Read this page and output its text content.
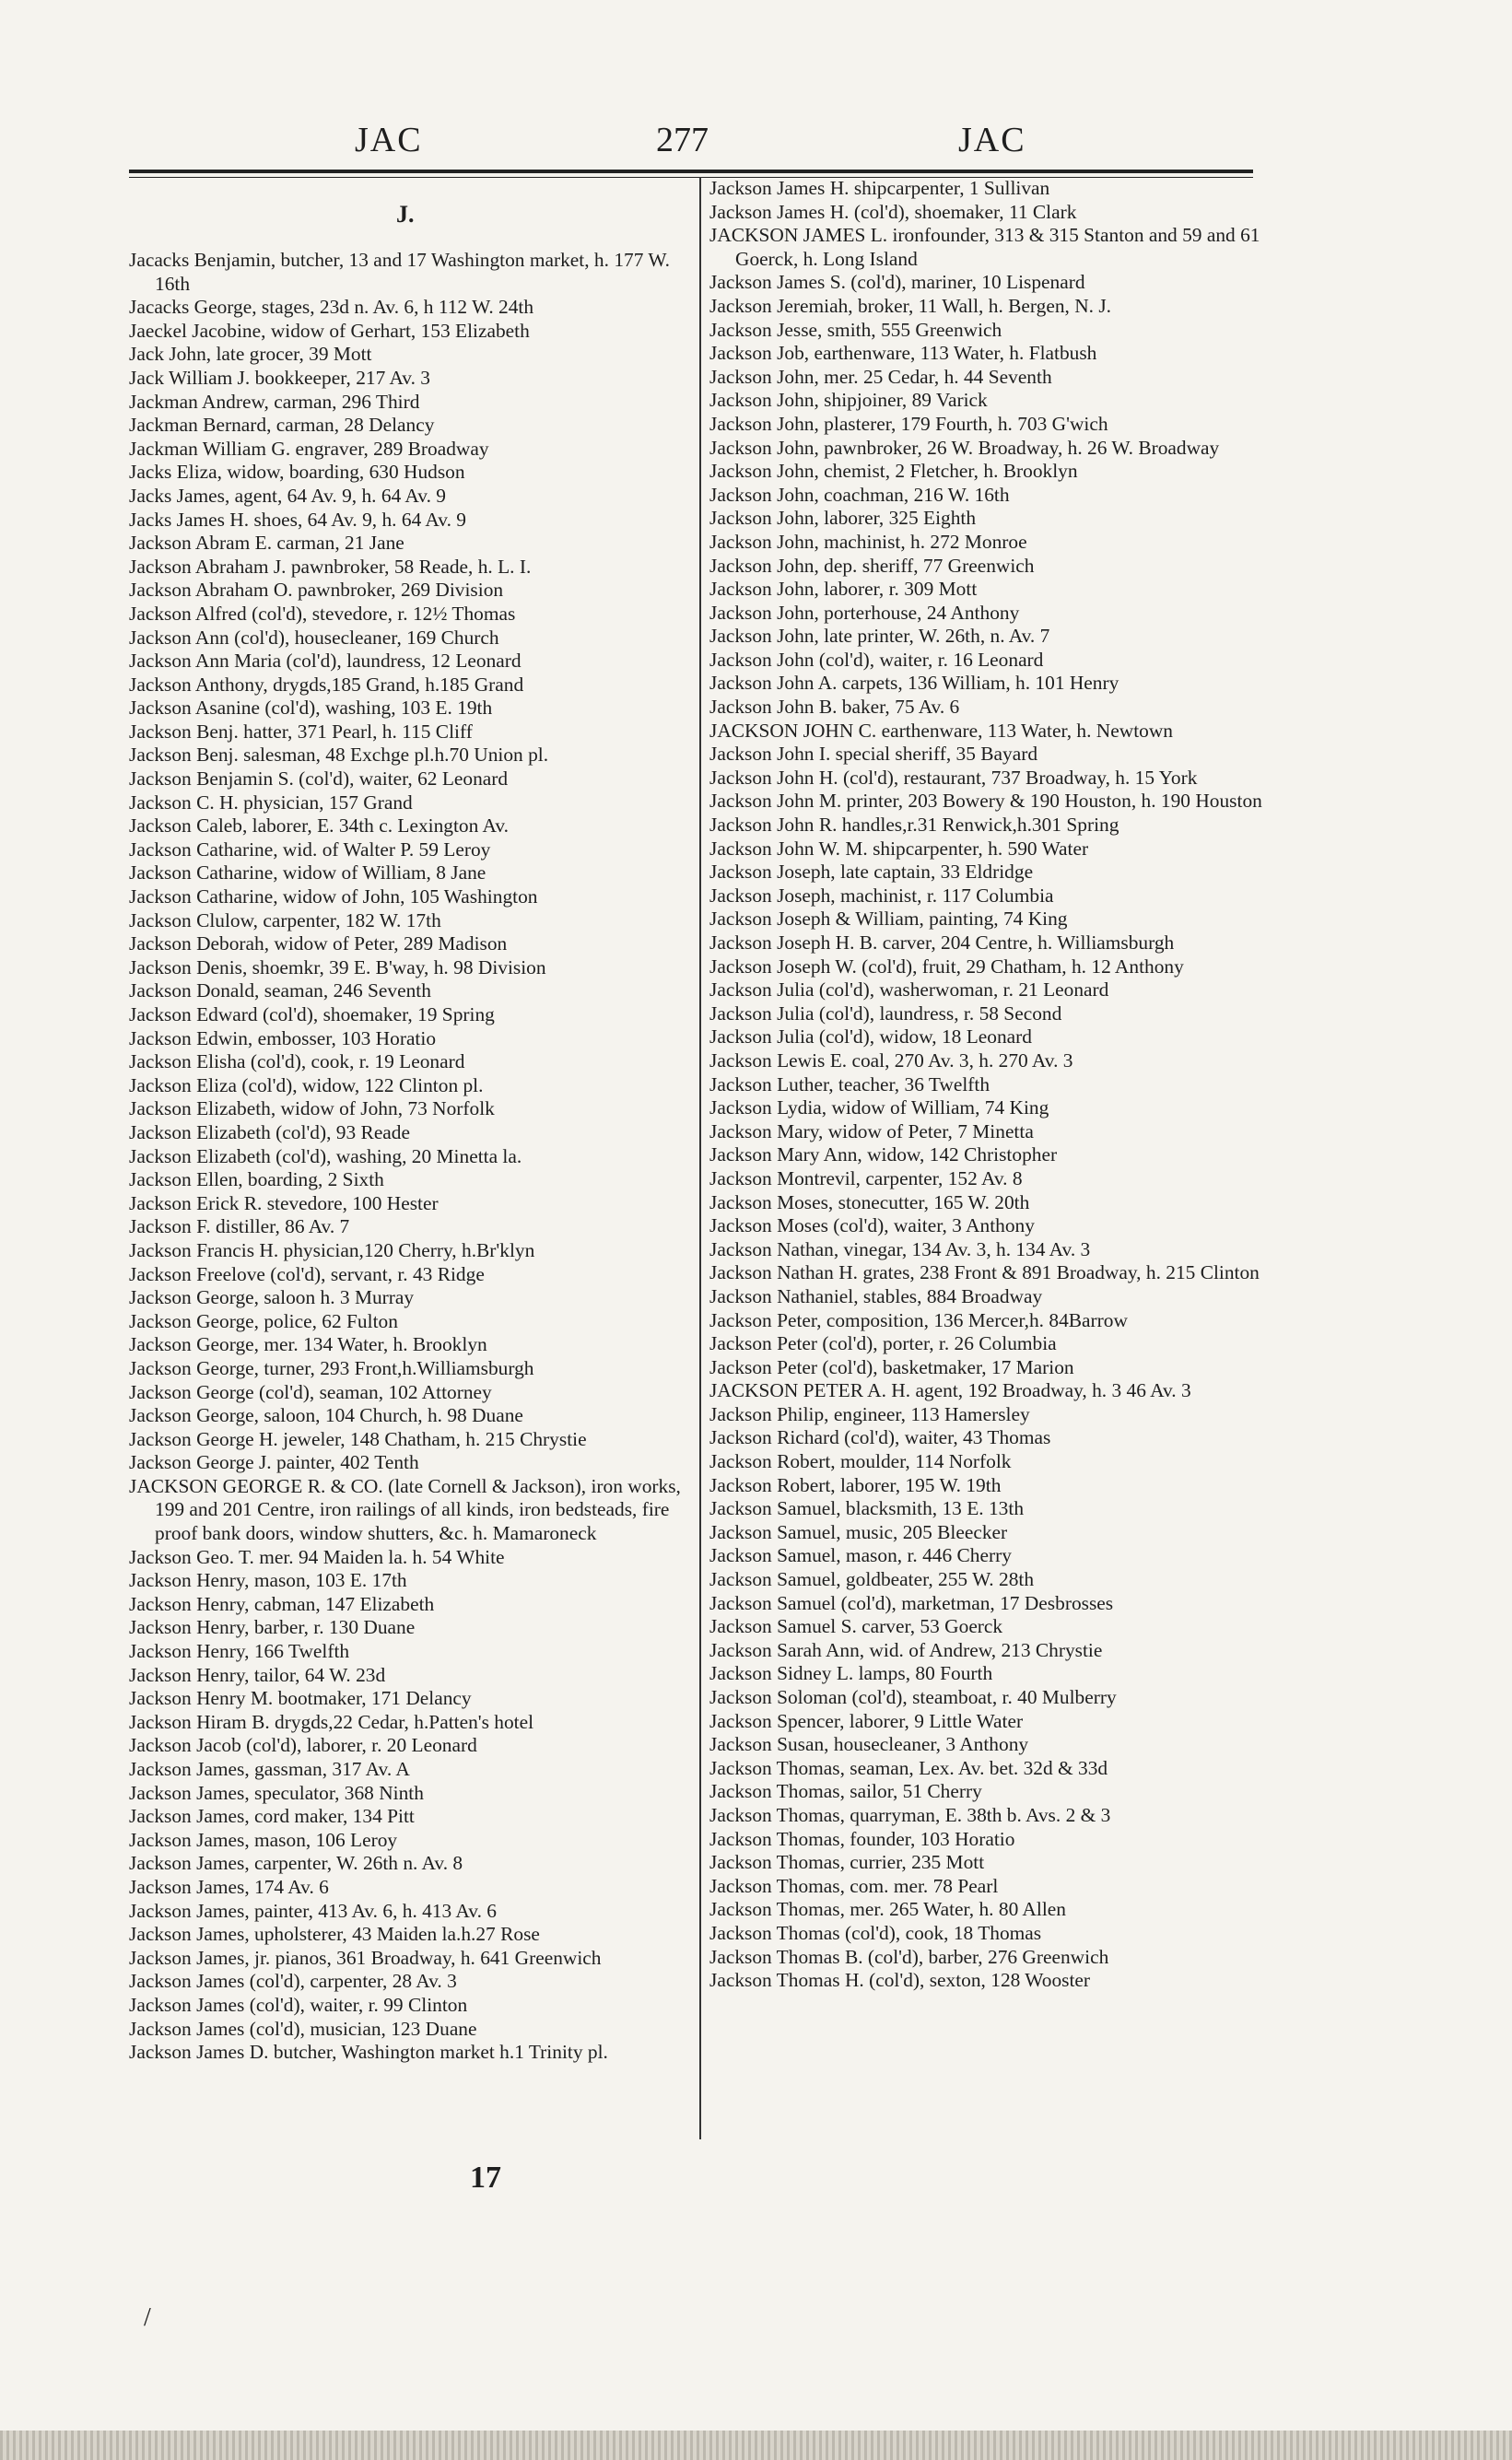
JAC	277	JAC
J.
Jacacks Benjamin, butcher, 13 and 17 Washington market, h. 177 W. 16th
Jacacks George, stages, 23d n. Av. 6, h 112 W. 24th
Jaeckel Jacobine, widow of Gerhart, 153 Elizabeth
Jack John, late grocer, 39 Mott
Jack William J. bookkeeper, 217 Av. 3
Jackman Andrew, carman, 296 Third
Jackman Bernard, carman, 28 Delancy
Jackman William G. engraver, 289 Broadway
Jacks Eliza, widow, boarding, 630 Hudson
Jacks James, agent, 64 Av. 9, h. 64 Av. 9
Jacks James H. shoes, 64 Av. 9, h. 64 Av. 9
Jackson Abram E. carman, 21 Jane
Jackson Abraham J. pawnbroker, 58 Reade, h. L. I.
Jackson Abraham O. pawnbroker, 269 Division
Jackson Alfred (col'd), stevedore, r. 12½ Thomas
Jackson Ann (col'd), housecleaner, 169 Church
Jackson Ann Maria (col'd), laundress, 12 Leonard
Jackson Anthony, drygds,185 Grand, h.185 Grand
Jackson Asanine (col'd), washing, 103 E. 19th
Jackson Benj. hatter, 371 Pearl, h. 115 Cliff
Jackson Benj. salesman, 48 Exchge pl.h.70 Union pl.
Jackson Benjamin S. (col'd), waiter, 62 Leonard
Jackson C. H. physician, 157 Grand
Jackson Caleb, laborer, E. 34th c. Lexington Av.
Jackson Catharine, wid. of Walter P. 59 Leroy
Jackson Catharine, widow of William, 8 Jane
Jackson Catharine, widow of John, 105 Washington
Jackson Clulow, carpenter, 182 W. 17th
Jackson Deborah, widow of Peter, 289 Madison
Jackson Denis, shoemkr, 39 E. B'way, h. 98 Division
Jackson Donald, seaman, 246 Seventh
Jackson Edward (col'd), shoemaker, 19 Spring
Jackson Edwin, embosser, 103 Horatio
Jackson Elisha (col'd), cook, r. 19 Leonard
Jackson Eliza (col'd), widow, 122 Clinton pl.
Jackson Elizabeth, widow of John, 73 Norfolk
Jackson Elizabeth (col'd), 93 Reade
Jackson Elizabeth (col'd), washing, 20 Minetta la.
Jackson Ellen, boarding, 2 Sixth
Jackson Erick R. stevedore, 100 Hester
Jackson F. distiller, 86 Av. 7
Jackson Francis H. physician,120 Cherry, h.Br'klyn
Jackson Freelove (col'd), servant, r. 43 Ridge
Jackson George, saloon h. 3 Murray
Jackson George, police, 62 Fulton
Jackson George, mer. 134 Water, h. Brooklyn
Jackson George, turner, 293 Front,h.Williamsburgh
Jackson George (col'd), seaman, 102 Attorney
Jackson George, saloon, 104 Church, h. 98 Duane
Jackson George H. jeweler, 148 Chatham, h. 215 Chrystie
Jackson George J. painter, 402 Tenth
JACKSON GEORGE R. & CO. (late Cornell & Jackson), iron works, 199 and 201 Centre, iron railings of all kinds, iron bedsteads, fire proof bank doors, window shutters, &c. h. Mamaroneck
Jackson Geo. T. mer. 94 Maiden la. h. 54 White
Jackson Henry, mason, 103 E. 17th
Jackson Henry, cabman, 147 Elizabeth
Jackson Henry, barber, r. 130 Duane
Jackson Henry, 166 Twelfth
Jackson Henry, tailor, 64 W. 23d
Jackson Henry M. bootmaker, 171 Delancy
Jackson Hiram B. drygds,22 Cedar, h.Patten's hotel
Jackson Jacob (col'd), laborer, r. 20 Leonard
Jackson James, gassman, 317 Av. A
Jackson James, speculator, 368 Ninth
Jackson James, cord maker, 134 Pitt
Jackson James, mason, 106 Leroy
Jackson James, carpenter, W. 26th n. Av. 8
Jackson James, 174 Av. 6
Jackson James, painter, 413 Av. 6, h. 413 Av. 6
Jackson James, upholsterer, 43 Maiden la.h.27 Rose
Jackson James, jr. pianos, 361 Broadway, h. 641 Greenwich
Jackson James (col'd), carpenter, 28 Av. 3
Jackson James (col'd), waiter, r. 99 Clinton
Jackson James (col'd), musician, 123 Duane
Jackson James D. butcher, Washington market h.1 Trinity pl.
Jackson James H. shipcarpenter, 1 Sullivan
Jackson James H. (col'd), shoemaker, 11 Clark
JACKSON JAMES L. ironfounder, 313 & 315 Stanton and 59 and 61 Goerck, h. Long Island
Jackson James S. (col'd), mariner, 10 Lispenard
Jackson Jeremiah, broker, 11 Wall, h. Bergen, N. J.
Jackson Jesse, smith, 555 Greenwich
Jackson Job, earthenware, 113 Water, h. Flatbush
Jackson John, mer. 25 Cedar, h. 44 Seventh
Jackson John, shipjoiner, 89 Varick
Jackson John, plasterer, 179 Fourth, h. 703 G'wich
Jackson John, pawnbroker, 26 W. Broadway, h. 26 W. Broadway
Jackson John, chemist, 2 Fletcher, h. Brooklyn
Jackson John, coachman, 216 W. 16th
Jackson John, laborer, 325 Eighth
Jackson John, machinist, h. 272 Monroe
Jackson John, dep. sheriff, 77 Greenwich
Jackson John, laborer, r. 309 Mott
Jackson John, porterhouse, 24 Anthony
Jackson John, late printer, W. 26th, n. Av. 7
Jackson John (col'd), waiter, r. 16 Leonard
Jackson John A. carpets, 136 William, h. 101 Henry
Jackson John B. baker, 75 Av. 6
JACKSON JOHN C. earthenware, 113 Water, h. Newtown
Jackson John I. special sheriff, 35 Bayard
Jackson John H. (col'd), restaurant, 737 Broadway, h. 15 York
Jackson John M. printer, 203 Bowery & 190 Houston, h. 190 Houston
Jackson John R. handles,r.31 Renwick,h.301 Spring
Jackson John W. M. shipcarpenter, h. 590 Water
Jackson Joseph, late captain, 33 Eldridge
Jackson Joseph, machinist, r. 117 Columbia
Jackson Joseph & William, painting, 74 King
Jackson Joseph H. B. carver, 204 Centre, h. Williamsburgh
Jackson Joseph W. (col'd), fruit, 29 Chatham, h. 12 Anthony
Jackson Julia (col'd), washerwoman, r. 21 Leonard
Jackson Julia (col'd), laundress, r. 58 Second
Jackson Julia (col'd), widow, 18 Leonard
Jackson Lewis E. coal, 270 Av. 3, h. 270 Av. 3
Jackson Luther, teacher, 36 Twelfth
Jackson Lydia, widow of William, 74 King
Jackson Mary, widow of Peter, 7 Minetta
Jackson Mary Ann, widow, 142 Christopher
Jackson Montrevil, carpenter, 152 Av. 8
Jackson Moses, stonecutter, 165 W. 20th
Jackson Moses (col'd), waiter, 3 Anthony
Jackson Nathan, vinegar, 134 Av. 3, h. 134 Av. 3
Jackson Nathan H. grates, 238 Front & 891 Broadway, h. 215 Clinton
Jackson Nathaniel, stables, 884 Broadway
Jackson Peter, composition, 136 Mercer,h. 84Barrow
Jackson Peter (col'd), porter, r. 26 Columbia
Jackson Peter (col'd), basketmaker, 17 Marion
JACKSON PETER A. H. agent, 192 Broadway, h. 3 46 Av. 3
Jackson Philip, engineer, 113 Hamersley
Jackson Richard (col'd), waiter, 43 Thomas
Jackson Robert, moulder, 114 Norfolk
Jackson Robert, laborer, 195 W. 19th
Jackson Samuel, blacksmith, 13 E. 13th
Jackson Samuel, music, 205 Bleecker
Jackson Samuel, mason, r. 446 Cherry
Jackson Samuel, goldbeater, 255 W. 28th
Jackson Samuel (col'd), marketman, 17 Desbrosses
Jackson Samuel S. carver, 53 Goerck
Jackson Sarah Ann, wid. of Andrew, 213 Chrystie
Jackson Sidney L. lamps, 80 Fourth
Jackson Soloman (col'd), steamboat, r. 40 Mulberry
Jackson Spencer, laborer, 9 Little Water
Jackson Susan, housecleaner, 3 Anthony
Jackson Thomas, seaman, Lex. Av. bet. 32d & 33d
Jackson Thomas, sailor, 51 Cherry
Jackson Thomas, quarryman, E. 38th b. Avs. 2 & 3
Jackson Thomas, founder, 103 Horatio
Jackson Thomas, currier, 235 Mott
Jackson Thomas, com. mer. 78 Pearl
Jackson Thomas, mer. 265 Water, h. 80 Allen
Jackson Thomas (col'd), cook, 18 Thomas
Jackson Thomas B. (col'd), barber, 276 Greenwich
Jackson Thomas H. (col'd), sexton, 128 Wooster
17
/
